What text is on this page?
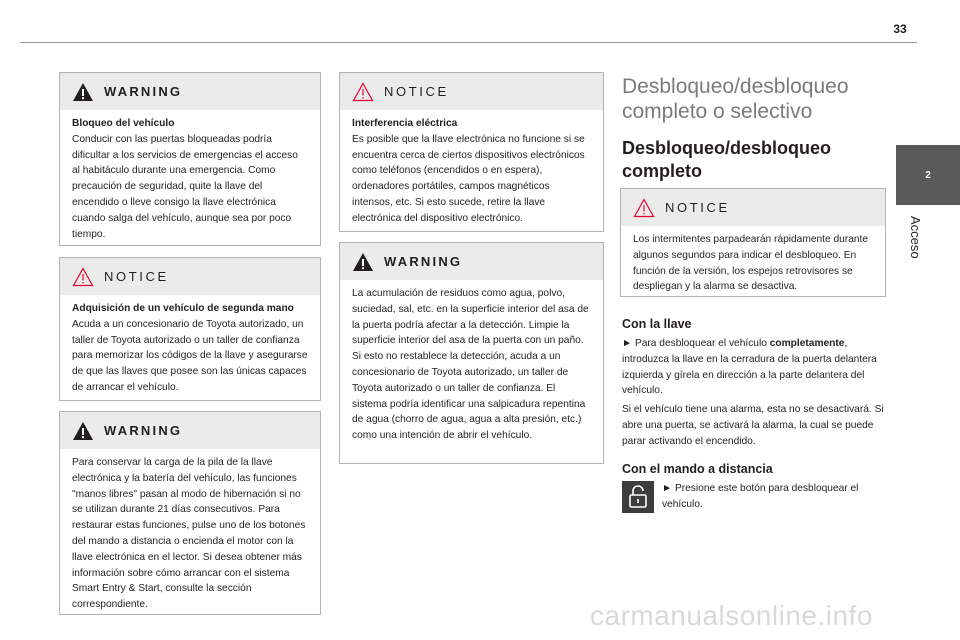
33
2
Acceso
WARNING
Bloqueo del vehículo

Conducir con las puertas bloqueadas podría dificultar a los servicios de emergencias el acceso al habitáculo durante una emergencia. Como precaución de seguridad, quite la llave del encendido o lleve consigo la llave electrónica cuando salga del vehículo, aunque sea por poco tiempo.

NOTICE
Adquisición de un vehículo de segunda mano

Acuda a un concesionario de Toyota autorizado, un taller de Toyota autorizado o un taller de confianza para memorizar los códigos de la llave y asegurarse de que las llaves que posee son las únicas capaces de arrancar el vehículo.

WARNING

Para conservar la carga de la pila de la llave electrónica y la batería del vehículo, las funciones "manos libres" pasan al modo de hibernación si no se utilizan durante 21 días consecutivos. Para restaurar estas funciones, pulse uno de los botones del mando a distancia o encienda el motor con la llave electrónica en el lector. Si desea obtener más información sobre cómo arrancar con el sistema Smart Entry & Start, consulte la sección correspondiente.

NOTICE
Interferencia eléctrica

Es posible que la llave electrónica no funcione si se encuentra cerca de ciertos dispositivos electrónicos como teléfonos (encendidos o en espera), ordenadores portátiles, campos magnéticos intensos, etc. Si esto sucede, retire la llave electrónica del dispositivo electrónico.

WARNING

La acumulación de residuos como agua, polvo, suciedad, sal, etc. en la superficie interior del asa de la puerta podría afectar a la detección. Limpie la superficie interior del asa de la puerta con un paño. Si esto no restablece la detección, acuda a un concesionario de Toyota autorizado, un taller de Toyota autorizado o un taller de confianza. El sistema podría identificar una salpicadura repentina de agua (chorro de agua, agua a alta presión, etc.) como una intención de abrir el vehículo.

Desbloqueo/desbloqueo completo o selectivo
Desbloqueo/desbloqueo completo
NOTICE

Los intermitentes parpadearán rápidamente durante algunos segundos para indicar el desbloqueo. En función de la versión, los espejos retrovisores se despliegan y la alarma se desactiva.

Con la llave
► Para desbloquear el vehículo completamente, introduzca la llave en la cerradura de la puerta delantera izquierda y gírela en dirección a la parte delantera del vehículo.
Si el vehículo tiene una alarma, esta no se desactivará. Si abre una puerta, se activará la alarma, la cual se puede parar activando el encendido.
Con el mando a distancia
► Presione este botón para desbloquear el vehículo.
carmanualsonline.info
